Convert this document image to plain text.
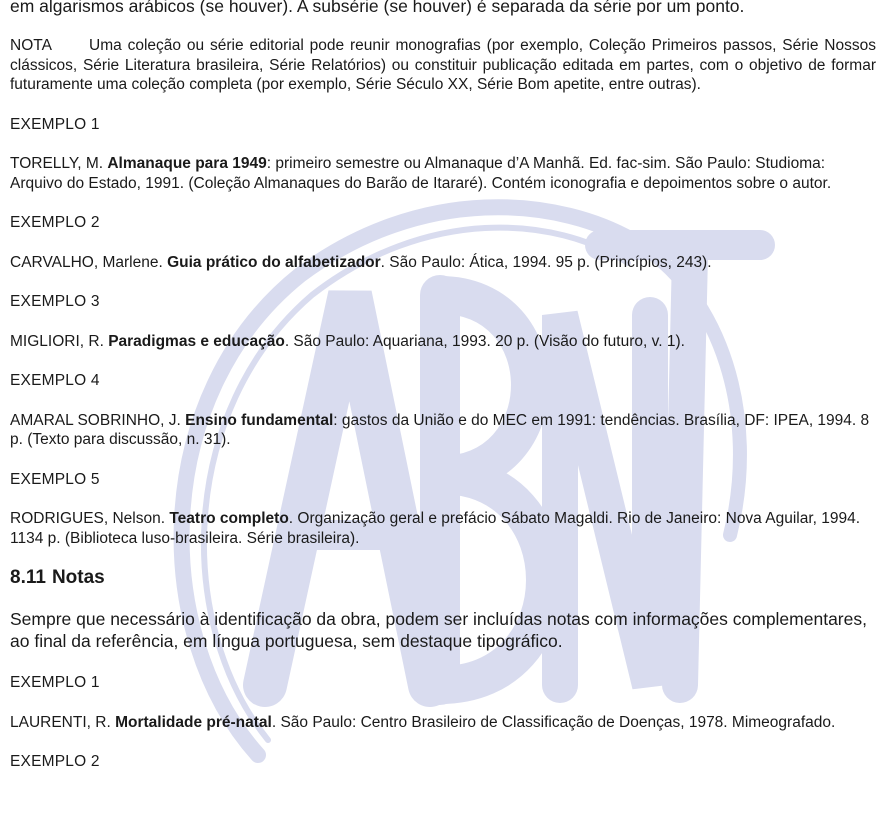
em algarismos arábicos (se houver). A subsérie (se houver) é separada da série por um ponto.

NOTA Uma coleção ou série editorial pode reunir monografias (por exemplo, Coleção Primeiros passos, Série Nossos clássicos, Série Literatura brasileira, Série Relatórios) ou constituir publicação editada em partes, com o objetivo de formar futuramente uma coleção completa (por exemplo, Série Século XX, Série Bom apetite, entre outras).

EXEMPLO 1

TORELLY, M. Almanaque para 1949: primeiro semestre ou Almanaque d’A Manhã. Ed. fac-sim. São Paulo: Studioma: Arquivo do Estado, 1991. (Coleção Almanaques do Barão de Itararé). Contém iconografia e depoimentos sobre o autor.

EXEMPLO 2

CARVALHO, Marlene. Guia prático do alfabetizador. São Paulo: Ática, 1994. 95 p. (Princípios, 243).

EXEMPLO 3

MIGLIORI, R. Paradigmas e educação. São Paulo: Aquariana, 1993. 20 p. (Visão do futuro, v. 1).

EXEMPLO 4

AMARAL SOBRINHO, J. Ensino fundamental: gastos da União e do MEC em 1991: tendências. Brasília, DF: IPEA, 1994. 8 p. (Texto para discussão, n. 31).

EXEMPLO 5

RODRIGUES, Nelson. Teatro completo. Organização geral e prefácio Sábato Magaldi. Rio de Janeiro: Nova Aguilar, 1994. 1134 p. (Biblioteca luso-brasileira. Série brasileira).

8.11 Notas

Sempre que necessário à identificação da obra, podem ser incluídas notas com informações complementares, ao final da referência, em língua portuguesa, sem destaque tipográfico.

EXEMPLO 1

LAURENTI, R. Mortalidade pré-natal. São Paulo: Centro Brasileiro de Classificação de Doenças, 1978. Mimeografado.

EXEMPLO 2
